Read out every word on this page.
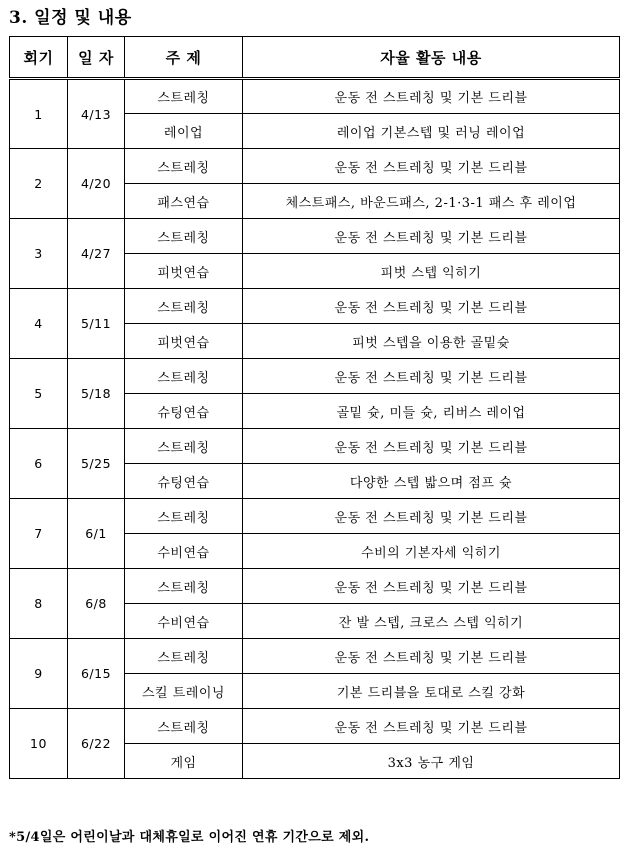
3. 일정 및 내용
회기	일 자	주 제	자율 활동 내용
1	4/13	스트레칭	운동 전 스트레칭 및 기본 드리블
		레이업	레이업 기본스텝 및 러닝 레이업
2	4/20	스트레칭	운동 전 스트레칭 및 기본 드리블
		패스연습	체스트패스, 바운드패스, 2-1·3-1 패스 후 레이업
3	4/27	스트레칭	운동 전 스트레칭 및 기본 드리블
		피벗연습	피벗 스텝 익히기
4	5/11	스트레칭	운동 전 스트레칭 및 기본 드리블
		피벗연습	피벗 스텝을 이용한 골밑슛
5	5/18	스트레칭	운동 전 스트레칭 및 기본 드리블
		슈팅연습	골밑 슛, 미들 슛, 리버스 레이업
6	5/25	스트레칭	운동 전 스트레칭 및 기본 드리블
		슈팅연습	다양한 스텝 밟으며 점프 슛
7	6/1	스트레칭	운동 전 스트레칭 및 기본 드리블
		수비연습	수비의 기본자세 익히기
8	6/8	스트레칭	운동 전 스트레칭 및 기본 드리블
		수비연습	잔 발 스텝, 크로스 스텝 익히기
9	6/15	스트레칭	운동 전 스트레칭 및 기본 드리블
		스킬 트레이닝	기본 드리블을 토대로 스킬 강화
10	6/22	스트레칭	운동 전 스트레칭 및 기본 드리블
		게임	3x3 농구 게임
*5/4일은 어린이날과 대체휴일로 이어진 연휴 기간으로 제외.
